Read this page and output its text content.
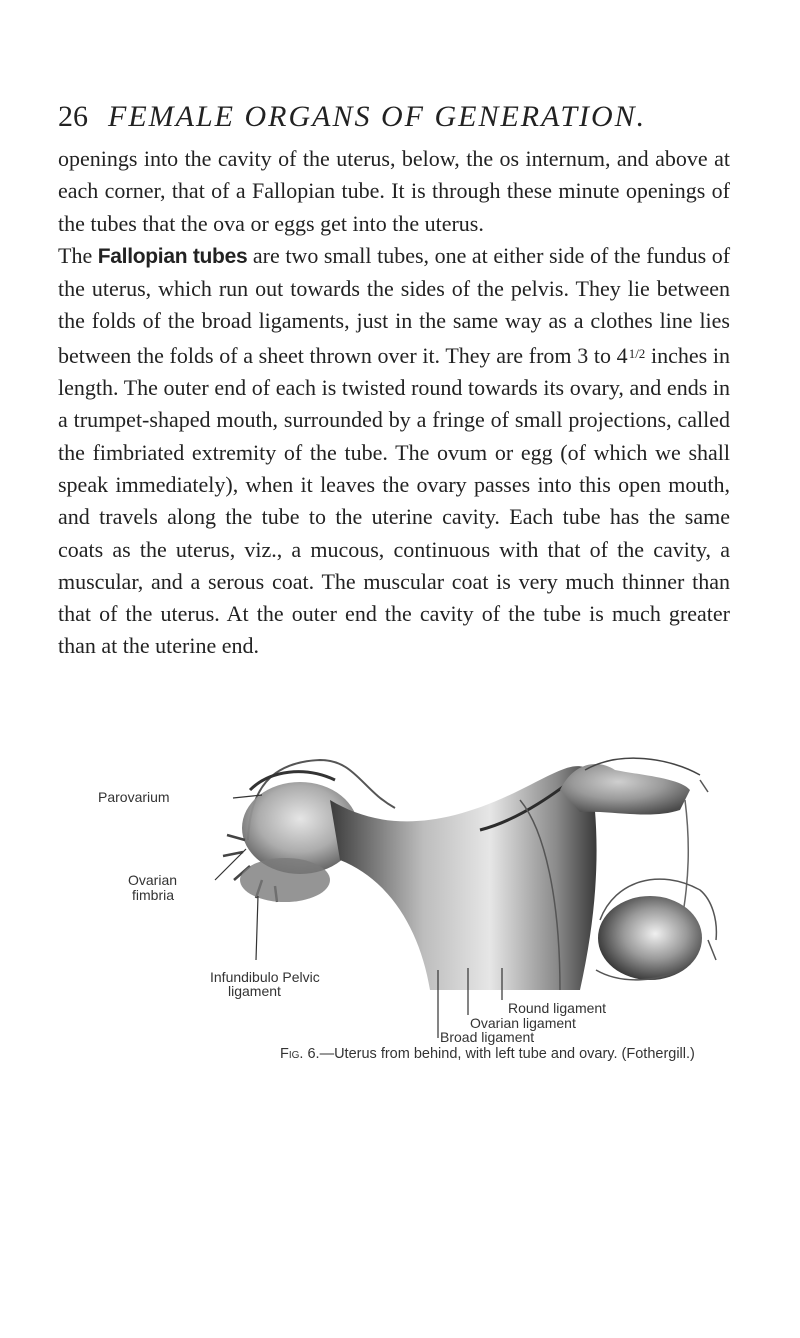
26 FEMALE ORGANS OF GENERATION.

openings into the cavity of the uterus, below, the os internum, and above at each corner, that of a Fallopian tube. It is through these minute openings of the tubes that the ova or eggs get into the uterus.

The Fallopian tubes are two small tubes, one at either side of the fundus of the uterus, which run out towards the sides of the pelvis. They lie between the folds of the broad ligaments, just in the same way as a clothes line lies between the folds of a sheet thrown over it. They are from 3 to $4^{1/2}$ inches in length. The outer end of each is twisted round towards its ovary, and ends in a trumpet-shaped mouth, surrounded by a fringe of small projections, called the fimbriated extremity of the tube. The ovum or egg (of which we shall speak immediately), when it leaves the ovary passes into this open mouth, and travels along the tube to the uterine cavity. Each tube has the same coats as the uterus, viz., a mucous, continuous with that of the cavity, a muscular, and a serous coat. The muscular coat is very much thinner than that of the uterus. At the outer end the cavity of the tube is much greater than at the uterine end.

Parovarium
Ovarian
fimbria
Infundibulo Pelvic
ligament
Round ligament
Ovarian ligament
Broad ligament
Fig. 6.—Uterus from behind, with left tube and ovary. (Fothergill.)
